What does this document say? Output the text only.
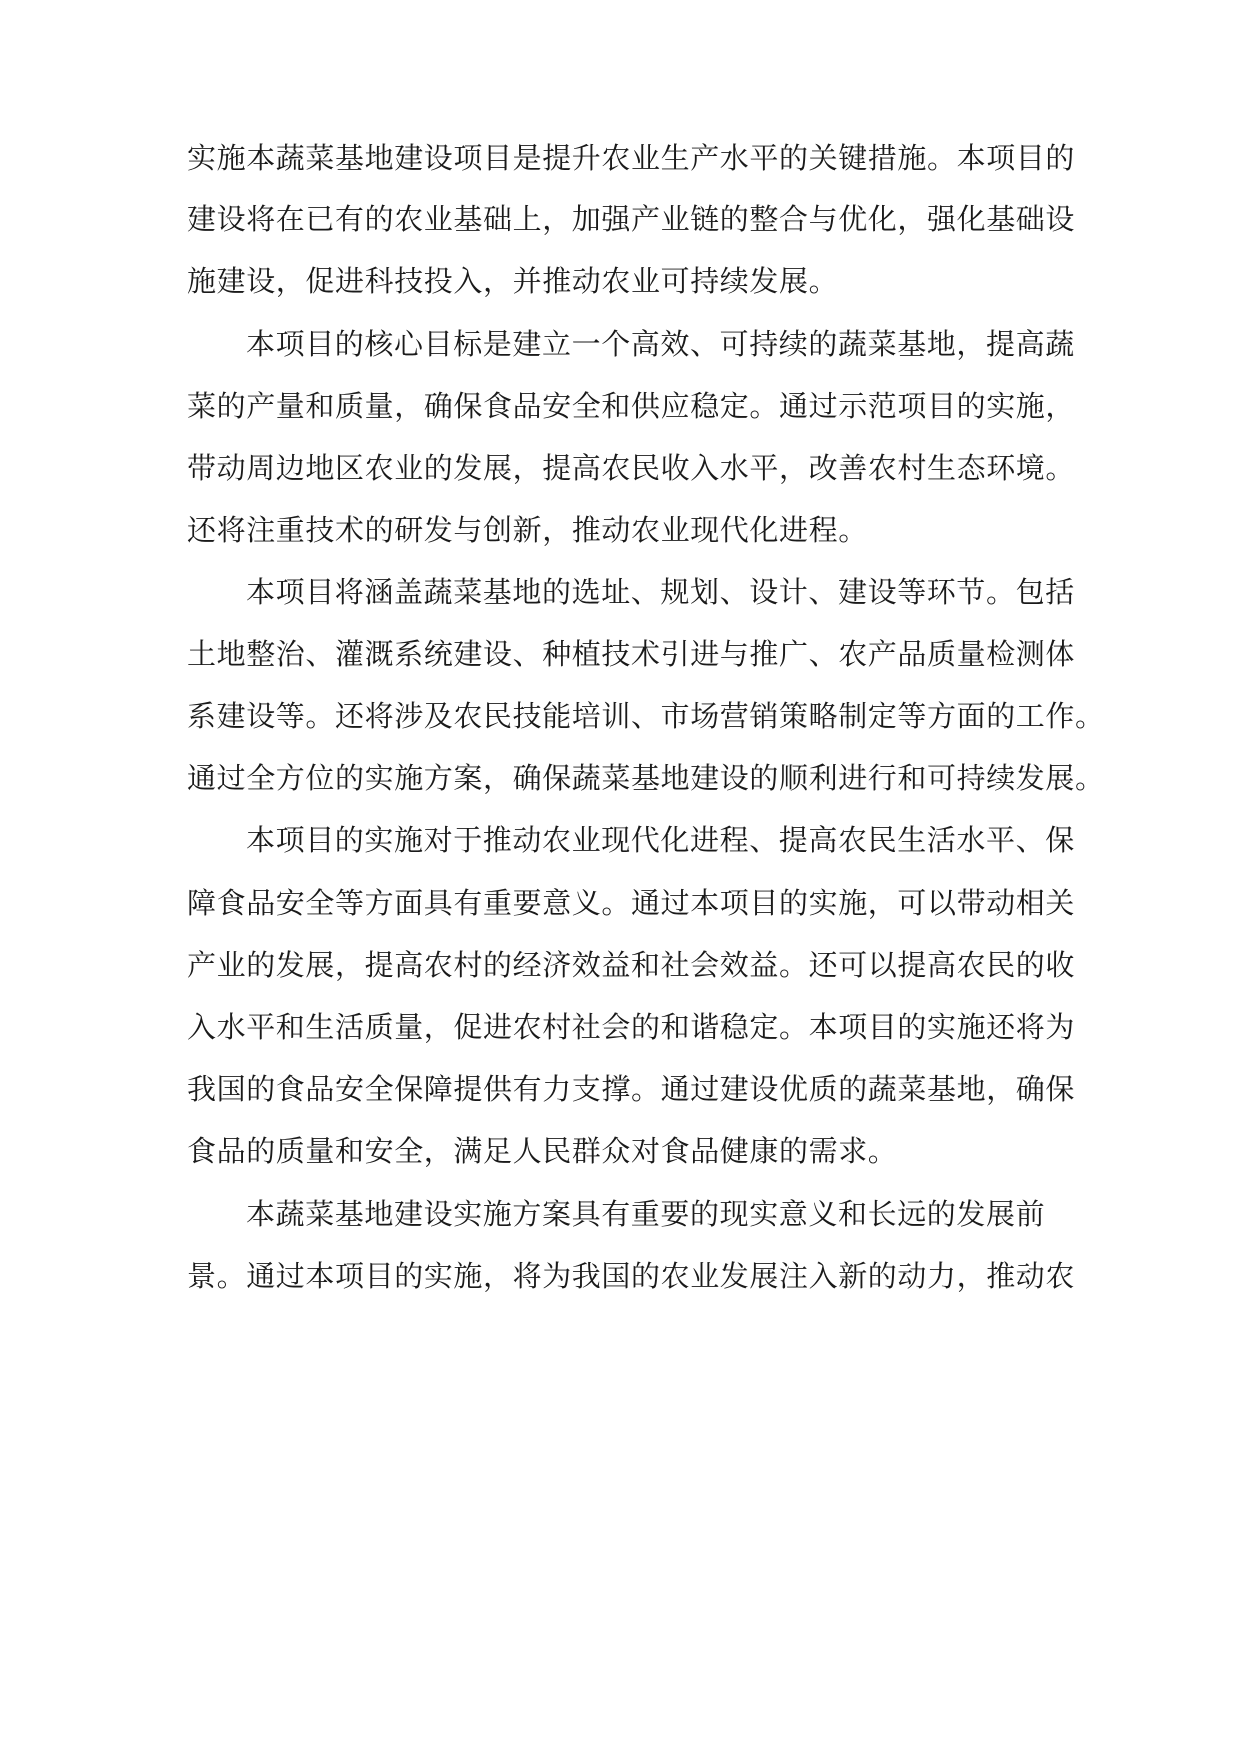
实施本蔬菜基地建设项目是提升农业生产水平的关键措施。本项目的

建设将在已有的农业基础上，加强产业链的整合与优化，强化基础设

施建设，促进科技投入，并推动农业可持续发展。

本项目的核心目标是建立一个高效、可持续的蔬菜基地，提高蔬

菜的产量和质量，确保食品安全和供应稳定。通过示范项目的实施，

带动周边地区农业的发展，提高农民收入水平，改善农村生态环境。

还将注重技术的研发与创新，推动农业现代化进程。

本项目将涵盖蔬菜基地的选址、规划、设计、建设等环节。包括

土地整治、灌溉系统建设、种植技术引进与推广、农产品质量检测体

系建设等。还将涉及农民技能培训、市场营销策略制定等方面的工作。

通过全方位的实施方案，确保蔬菜基地建设的顺利进行和可持续发展。

本项目的实施对于推动农业现代化进程、提高农民生活水平、保

障食品安全等方面具有重要意义。通过本项目的实施，可以带动相关

产业的发展，提高农村的经济效益和社会效益。还可以提高农民的收

入水平和生活质量，促进农村社会的和谐稳定。本项目的实施还将为

我国的食品安全保障提供有力支撑。通过建设优质的蔬菜基地，确保

食品的质量和安全，满足人民群众对食品健康的需求。

本蔬菜基地建设实施方案具有重要的现实意义和长远的发展前

景。通过本项目的实施，将为我国的农业发展注入新的动力，推动农
